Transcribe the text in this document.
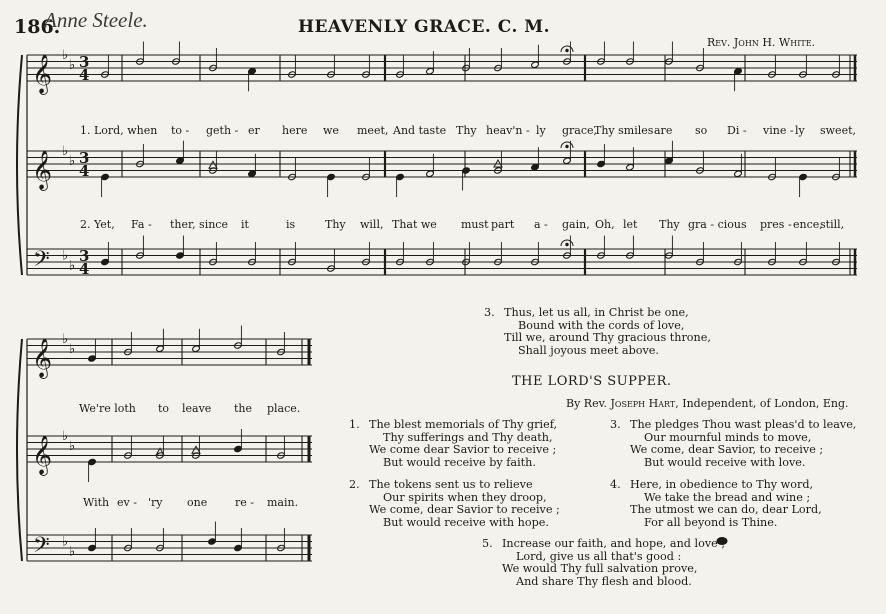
186.
Anne Steele.	HEAVENLY GRACE. C. M.
Rev. John H. White.
𝄞
𝄞
𝄢
♭
♭
♭
♭
♭
♭
3
4
3
4
3
4
𝄞
𝄞
𝄢
♭
♭
♭
♭
♭
♭
1. Lord, when to - geth - er here we meet, And taste Thy heav'n - ly grace,
Thy smiles are so Di - vine - ly sweet,
2. Yet, Fa - ther, since it	is	Thy will, That we must part a - gain, Oh, let Thy gra - cious pres - ence,
still,
We're loth to leave the place.
With ev - 'ry one	re - main.
3. Thus, let us all, in Christ be one,
Bound with the cords of love,
Till we, around Thy gracious throne,
Shall joyous meet above.
THE LORD'S SUPPER.
By Rev. Joseph Hart, Independent, of London, Eng.
1. The blest memorials of Thy grief,
Thy sufferings and Thy death,
We come dear Savior to receive ;
But would receive by faith.
2. The tokens sent us to relieve
Our spirits when they droop,
We come, dear Savior to receive ;
But would receive with hope.
3. The pledges Thou wast pleas'd to leave,
Our mournful minds to move,
We come, dear Savior, to receive ;
But would receive with love.
4. Here, in obedience to Thy word,
We take the bread and wine ;
The utmost we can do, dear Lord,
For all beyond is Thine.
5. Increase our faith, and hope, and love ;
Lord, give us all that's good :
We would Thy full salvation prove,
And share Thy flesh and blood.
